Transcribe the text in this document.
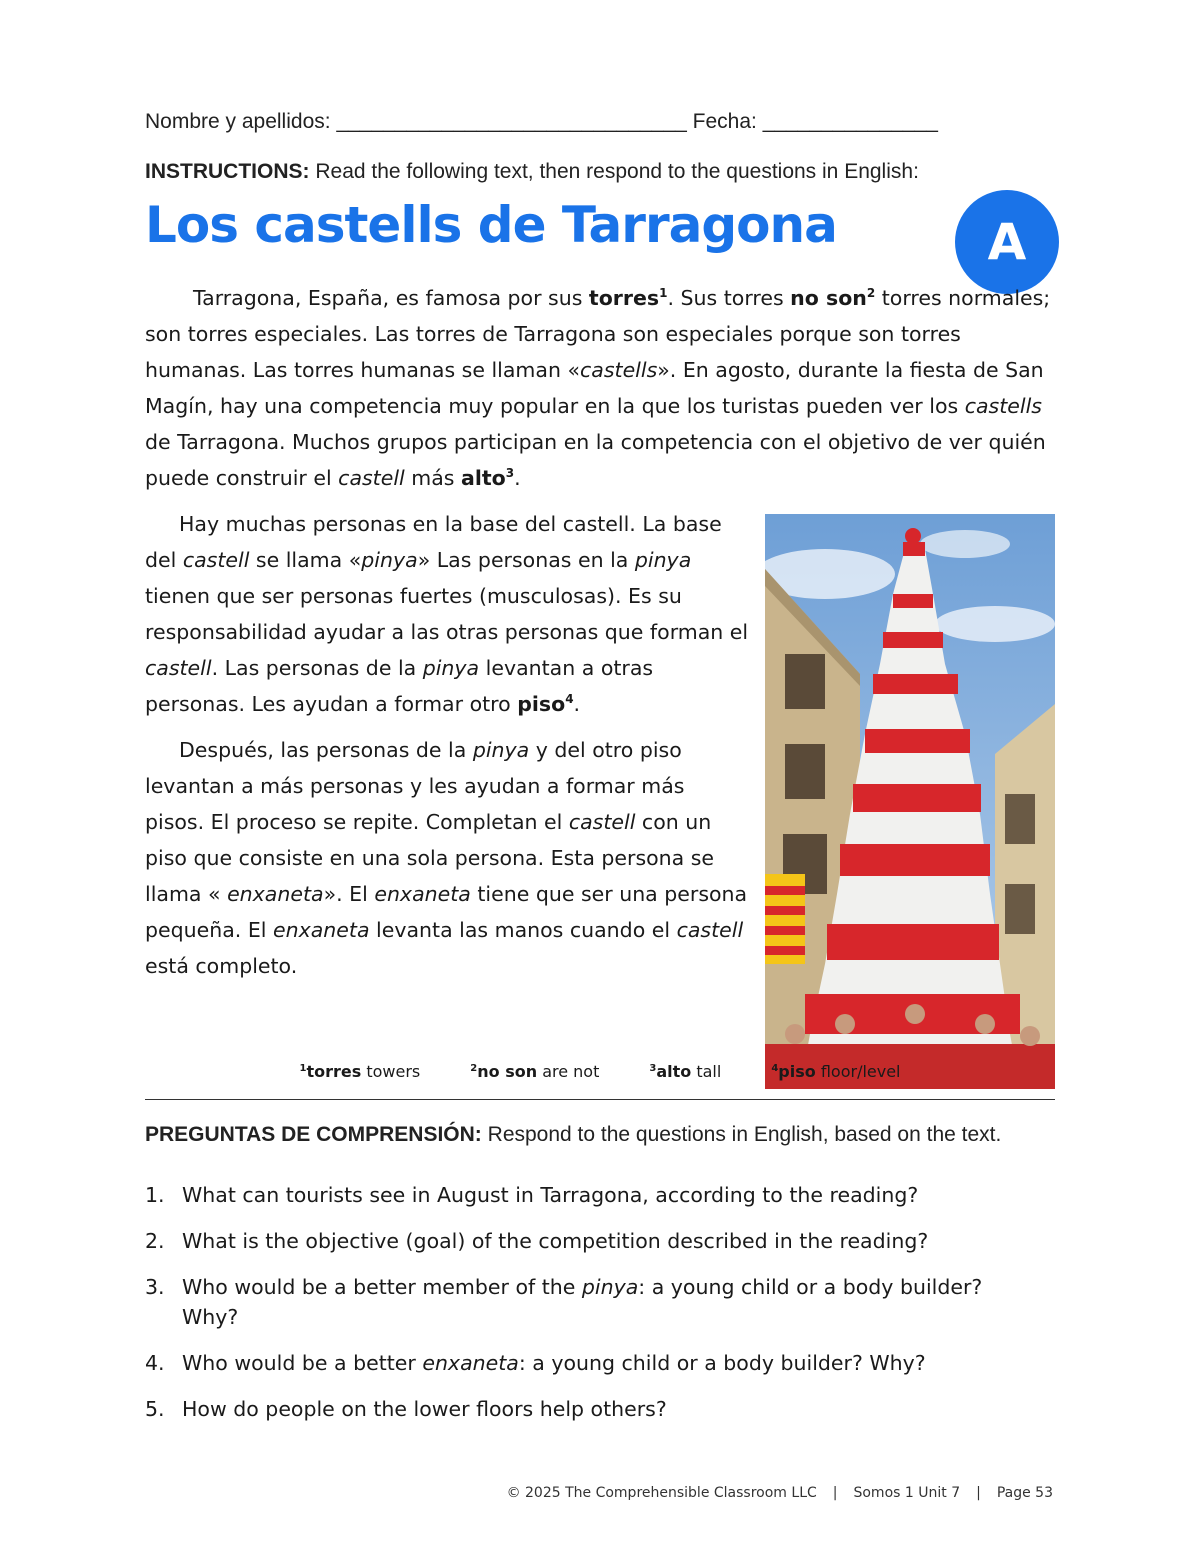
Nombre y apellidos: ______________________________ Fecha: _______________
INSTRUCTIONS: Read the following text, then respond to the questions in English:
Los castells de Tarragona	A

Tarragona, España, es famosa por sus torres$^1$. Sus torres no son$^2$ torres normales; son torres especiales. Las torres de Tarragona son especiales porque son torres humanas. Las torres humanas se llaman «castells». En agosto, durante la fiesta de San Magín, hay una competencia muy popular en la que los turistas pueden ver los castells de Tarragona. Muchos grupos participan en la competencia con el objetivo de ver quién puede construir el castell más alto$^3$.

Hay muchas personas en la base del castell. La base del castell se llama «pinya» Las personas en la pinya tienen que ser personas fuertes (musculosas). Es su responsabilidad ayudar a las otras personas que forman el castell. Las personas de la pinya levantan a otras personas. Les ayudan a formar otro piso$^4$.

Después, las personas de la pinya y del otro piso levantan a más personas y les ayudan a formar más pisos. El proceso se repite. Completan el castell con un piso que consiste en una sola persona. Esta persona se llama « enxaneta». El enxaneta tiene que ser una persona pequeña. El enxaneta levanta las manos cuando el castell está completo.

$^1$torres towers	$^2$no son are not	$^3$alto tall	$^4$piso floor/level
PREGUNTAS DE COMPRENSIÓN: Respond to the questions in English, based on the text.
1. What can tourists see in August in Tarragona, according to the reading?
2. What is the objective (goal) of the competition described in the reading?
3. Who would be a better member of the pinya: a young child or a body builder? Why?
4. Who would be a better enxaneta: a young child or a body builder? Why?
5. How do people on the lower floors help others?
© 2025 The Comprehensible Classroom LLC | Somos 1 Unit 7 | Page 53
